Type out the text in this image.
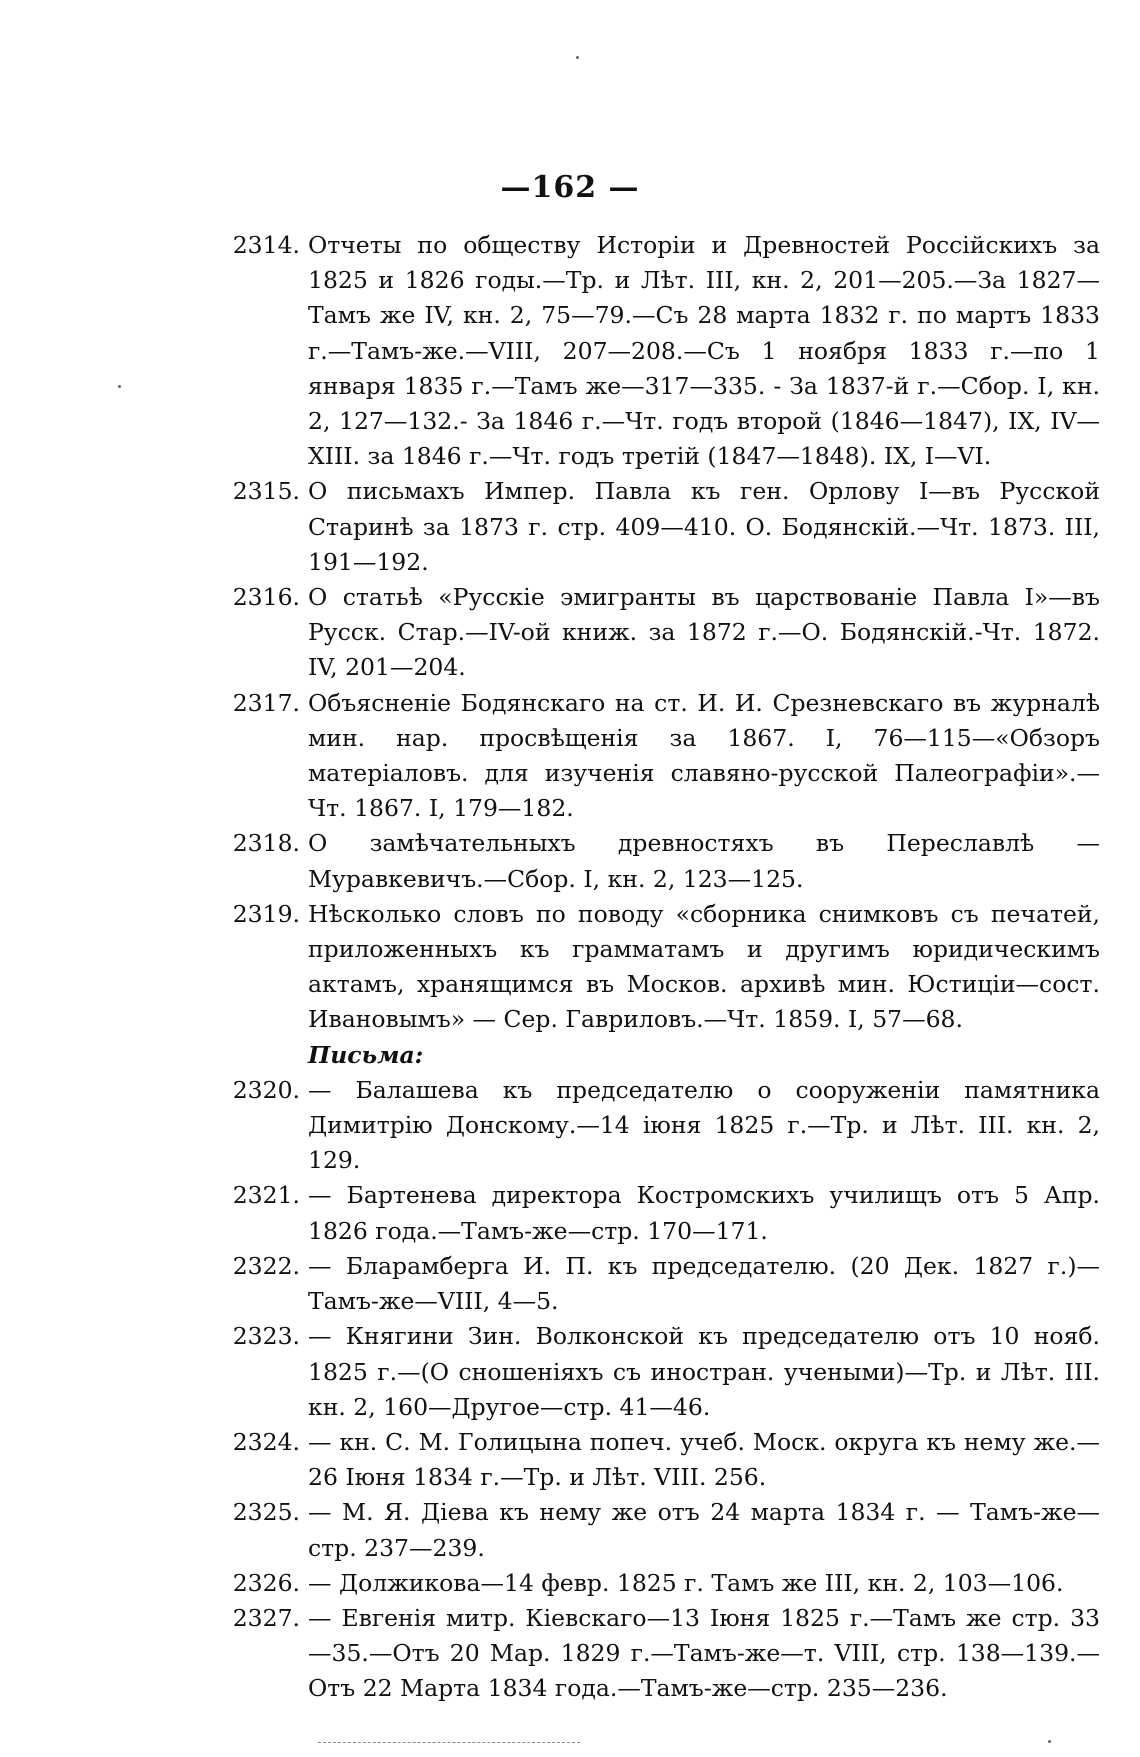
—162 —
2314. Отчеты по обществу Исторіи и Древностей Россійскихъ за 1825 и 1826 годы.—Тр. и Лѣт. III, кн. 2, 201—205.—За 1827—Тамъ же IV, кн. 2, 75—79.—Съ 28 марта 1832 г. по мартъ 1833 г.—Тамъ-же.—VIII, 207—208.—Съ 1 ноября 1833 г.—по 1 января 1835 г.—Тамъ же—317—335. - За 1837-й г.—Сбор. I, кн. 2, 127—132.- За 1846 г.—Чт. годъ второй (1846—1847), IX, IV—XIII. за 1846 г.—Чт. годъ третій (1847—1848). IX, I—VI.
2315. О письмахъ Импер. Павла къ ген. Орлову I—въ Русской Старинѣ за 1873 г. стр. 409—410. О. Бодянскій.—Чт. 1873. III, 191—192.
2316. О статьѣ «Русскіе эмигранты въ царствованіе Павла I»—въ Русск. Стар.—IV-ой книж. за 1872 г.—О. Бодянскій.-Чт. 1872. IV, 201—204.
2317. Объясненіе Бодянскаго на ст. И. И. Срезневскаго въ журналѣ мин. нар. просвѣщенія за 1867. I, 76—115—«Обзоръ матеріаловъ. для изученія славяно-русской Палеографіи».—Чт. 1867. I, 179—182.
2318. О замѣчательныхъ древностяхъ въ Переславлѣ — Муравкевичъ.—Сбор. I, кн. 2, 123—125.
2319. Нѣсколько словъ по поводу «сборника снимковъ съ печатей, приложенныхъ къ грамматамъ и другимъ юридическимъ актамъ, хранящимся въ Москов. архивѣ мин. Юстиціи—сост. Ивановымъ» — Сер. Гавриловъ.—Чт. 1859. I, 57—68.
Письма:
2320. — Балашева къ председателю о сооруженіи памятника Димитрію Донскому.—14 іюня 1825 г.—Тр. и Лѣт. III. кн. 2, 129.
2321. — Бартенева директора Костромскихъ училищъ отъ 5 Апр. 1826 года.—Тамъ-же—стр. 170—171.
2322. — Бларамберга И. П. къ председателю. (20 Дек. 1827 г.)—Тамъ-же—VIII, 4—5.
2323. — Княгини Зин. Волконской къ председателю отъ 10 нояб. 1825 г.—(О сношеніяхъ съ иностран. учеными)—Тр. и Лѣт. III. кн. 2, 160—Другое—стр. 41—46.
2324. — кн. С. М. Голицына попеч. учеб. Моск. округа къ нему же.—26 Іюня 1834 г.—Тр. и Лѣт. VIII. 256.
2325. — М. Я. Діева къ нему же отъ 24 марта 1834 г. — Тамъ-же—стр. 237—239.
2326. — Должикова—14 февр. 1825 г. Тамъ же III, кн. 2, 103—106.
2327. — Евгенія митр. Кіевскаго—13 Іюня 1825 г.—Тамъ же стр. 33—35.—Отъ 20 Мар. 1829 г.—Тамъ-же—т. VIII, стр. 138—139.—Отъ 22 Марта 1834 года.—Тамъ-же—стр. 235—236.
